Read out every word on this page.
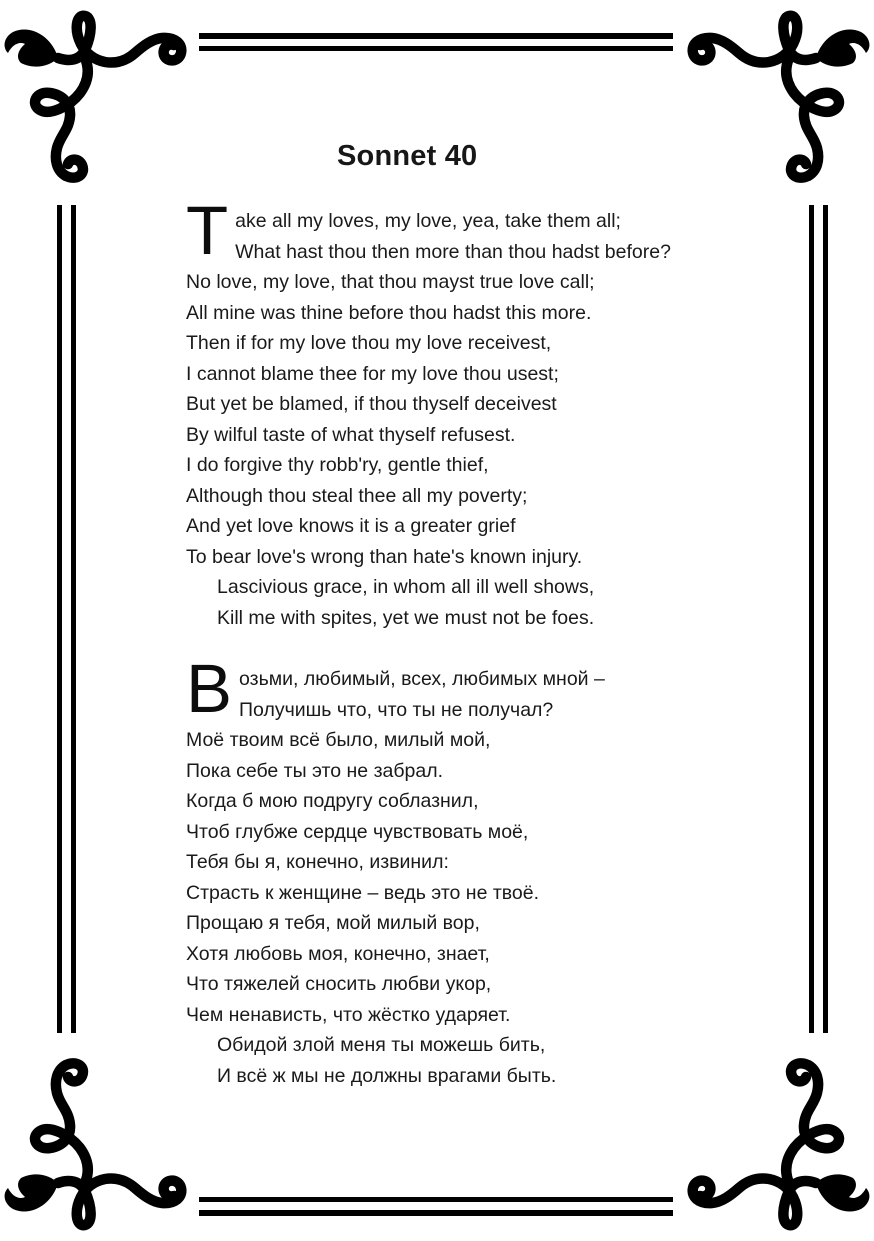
Sonnet 40
T ake all my loves, my love, yea, take them all;
What hast thou then more than thou hadst before?
No love, my love, that thou mayst true love call;
All mine was thine before thou hadst this more.
Then if for my love thou my love receivest,
I cannot blame thee for my love thou usest;
But yet be blamed, if thou thyself deceivest
By wilful taste of what thyself refusest.
I do forgive thy robb'ry, gentle thief,
Although thou steal thee all my poverty;
And yet love knows it is a greater grief
To bear love's wrong than hate's known injury.
Lascivious grace, in whom all ill well shows,
Kill me with spites, yet we must not be foes.
В озьми, любимый, всех, любимых мной –
Получишь что, что ты не получал?
Моё твоим всё было, милый мой,
Пока себе ты это не забрал.
Когда б мою подругу соблазнил,
Чтоб глубже сердце чувствовать моё,
Тебя бы я, конечно, извинил:
Страсть к женщине – ведь это не твоё.
Прощаю я тебя, мой милый вор,
Хотя любовь моя, конечно, знает,
Что тяжелей сносить любви укор,
Чем ненависть, что жёстко ударяет.
Обидой злой меня ты можешь бить,
И всё ж мы не должны врагами быть.
